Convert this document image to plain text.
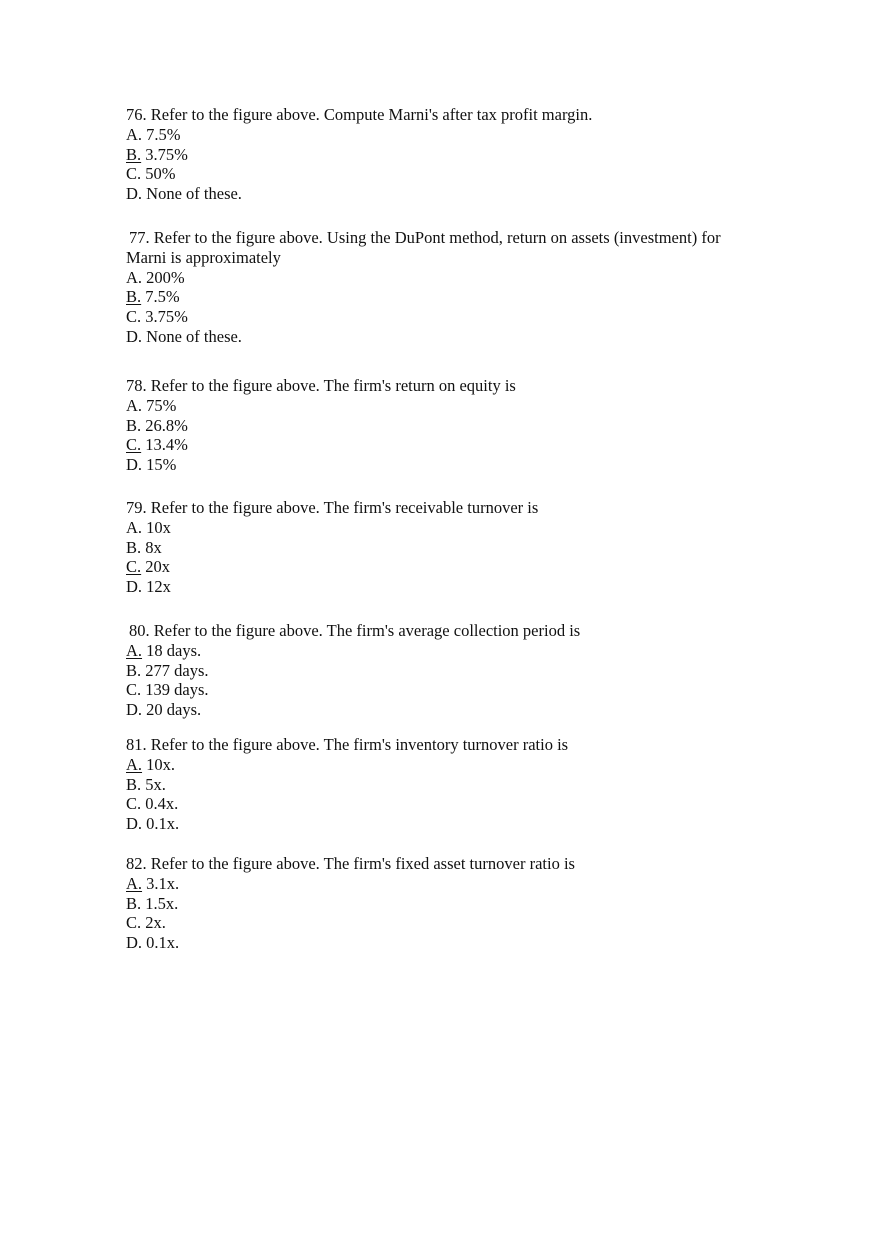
76. Refer to the figure above. Compute Marni's after tax profit margin.

A. 7.5%

B. 3.75%

C. 50%

D. None of these.

77. Refer to the figure above. Using the DuPont method, return on assets (investment) for

Marni is approximately

A. 200%

B. 7.5%

C. 3.75%

D. None of these.

78. Refer to the figure above. The firm's return on equity is

A. 75%

B. 26.8%

C. 13.4%

D. 15%

79. Refer to the figure above. The firm's receivable turnover is

A. 10x

B. 8x

C. 20x

D. 12x

80. Refer to the figure above. The firm's average collection period is

A. 18 days.

B. 277 days.

C. 139 days.

D. 20 days.

81. Refer to the figure above. The firm's inventory turnover ratio is

A. 10x.

B. 5x.

C. 0.4x.

D. 0.1x.

82. Refer to the figure above. The firm's fixed asset turnover ratio is

A. 3.1x.

B. 1.5x.

C. 2x.

D. 0.1x.
